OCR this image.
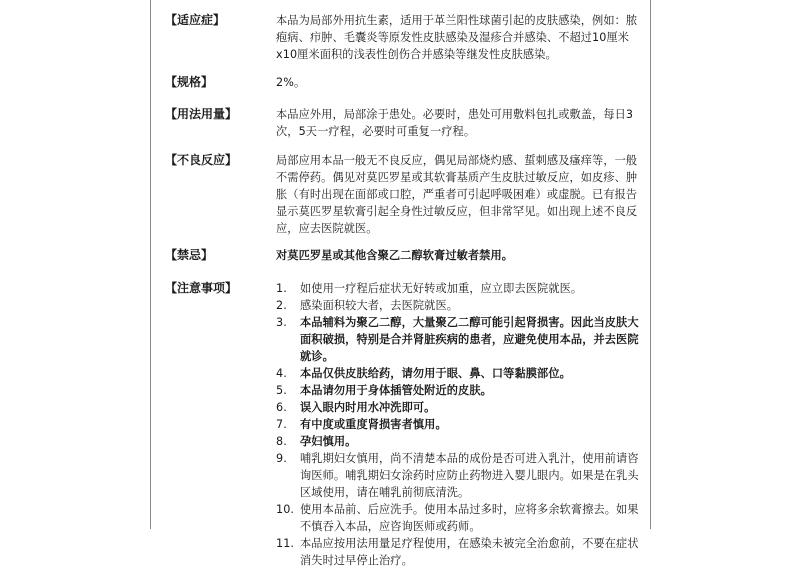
【适应症】	本品为局部外用抗生素，适用于革兰阳性球菌引起的皮肤感染，例如：脓疱病、疖肿、毛囊炎等原发性皮肤感染及湿疹合并感染、不超过10厘米x10厘米面积的浅表性创伤合并感染等继发性皮肤感染。

【规格】	2%。

【用法用量】	本品应外用，局部涂于患处。必要时，患处可用敷料包扎或敷盖，每日3次，5天一疗程，必要时可重复一疗程。

【不良反应】	局部应用本品一般无不良反应，偶见局部烧灼感、蜇刺感及瘙痒等，一般不需停药。偶见对莫匹罗星或其软膏基质产生皮肤过敏反应，如皮疹、肿胀（有时出现在面部或口腔，严重者可引起呼吸困难）或虚脱。已有报告显示莫匹罗星软膏引起全身性过敏反应，但非常罕见。如出现上述不良反应，应去医院就医。

【禁忌】	对莫匹罗星或其他含聚乙二醇软膏过敏者禁用。

【注意事项】	1. 如使用一疗程后症状无好转或加重，应立即去医院就医。
2. 感染面积较大者，去医院就医。
3. 本品辅料为聚乙二醇，大量聚乙二醇可能引起肾损害。因此当皮肤大面积破损，特别是合并肾脏疾病的患者，应避免使用本品，并去医院就诊。
4. 本品仅供皮肤给药，请勿用于眼、鼻、口等黏膜部位。
5. 本品请勿用于身体插管处附近的皮肤。
6. 误入眼内时用水冲洗即可。
7. 有中度或重度肾损害者慎用。
8. 孕妇慎用。
9. 哺乳期妇女慎用，尚不清楚本品的成份是否可进入乳汁，使用前请咨询医师。哺乳期妇女涂药时应防止药物进入婴儿眼内。如果是在乳头区域使用，请在哺乳前彻底清洗。
10. 使用本品前、后应洗手。使用本品过多时，应将多余软膏擦去。如果不慎吞入本品，应咨询医师或药师。
11. 本品应按用法用量足疗程使用，在感染未被完全治愈前，不要在症状消失时过早停止治疗。
